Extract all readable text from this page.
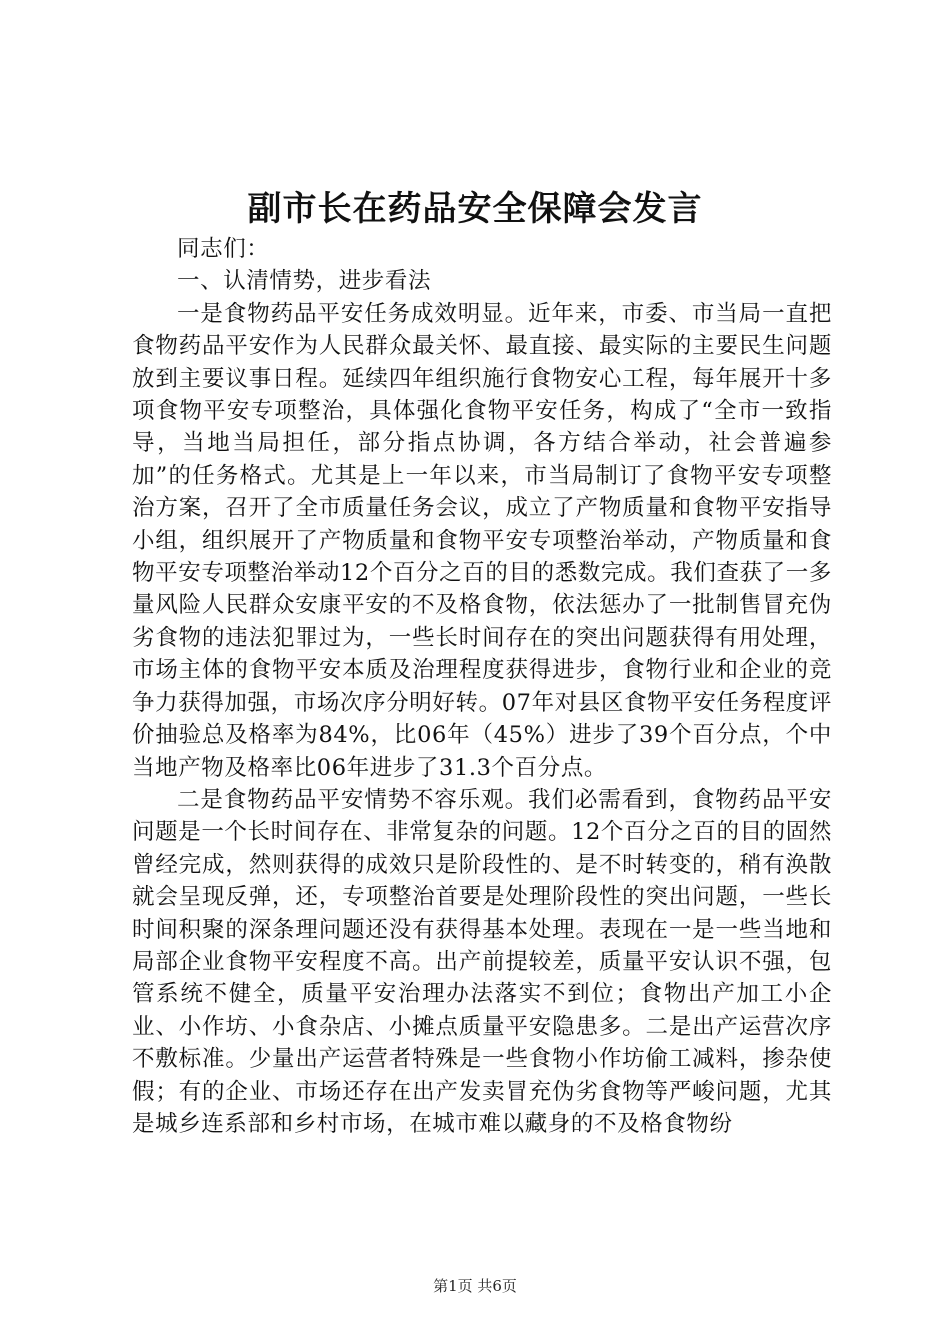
副市长在药品安全保障会发言

同志们：

一、认清情势，进步看法

一是食物药品平安任务成效明显。近年来，市委、市当局一直把食物药品平安作为人民群众最关怀、最直接、最实际的主要民生问题放到主要议事日程。延续四年组织施行食物安心工程，每年展开十多项食物平安专项整治，具体强化食物平安任务，构成了“全市一致指导，当地当局担任，部分指点协调，各方结合举动，社会普遍参加”的任务格式。尤其是上一年以来，市当局制订了食物平安专项整治方案，召开了全市质量任务会议，成立了产物质量和食物平安指导小组，组织展开了产物质量和食物平安专项整治举动，产物质量和食物平安专项整治举动12个百分之百的目的悉数完成。我们查获了一多量风险人民群众安康平安的不及格食物，依法惩办了一批制售冒充伪劣食物的违法犯罪过为，一些长时间存在的突出问题获得有用处理，市场主体的食物平安本质及治理程度获得进步，食物行业和企业的竞争力获得加强，市场次序分明好转。07年对县区食物平安任务程度评价抽验总及格率为84%，比06年（45%）进步了39个百分点，个中当地产物及格率比06年进步了31.3个百分点。

二是食物药品平安情势不容乐观。我们必需看到，食物药品平安问题是一个长时间存在、非常复杂的问题。12个百分之百的目的固然曾经完成，然则获得的成效只是阶段性的、是不时转变的，稍有涣散就会呈现反弹，还，专项整治首要是处理阶段性的突出问题，一些长时间积聚的深条理问题还没有获得基本处理。表现在一是一些当地和局部企业食物平安程度不高。出产前提较差，质量平安认识不强，包管系统不健全，质量平安治理办法落实不到位；食物出产加工小企业、小作坊、小食杂店、小摊点质量平安隐患多。二是出产运营次序不敷标准。少量出产运营者特殊是一些食物小作坊偷工减料，掺杂使假；有的企业、市场还存在出产发卖冒充伪劣食物等严峻问题，尤其是城乡连系部和乡村市场，在城市难以藏身的不及格食物纷

第1页 共6页
